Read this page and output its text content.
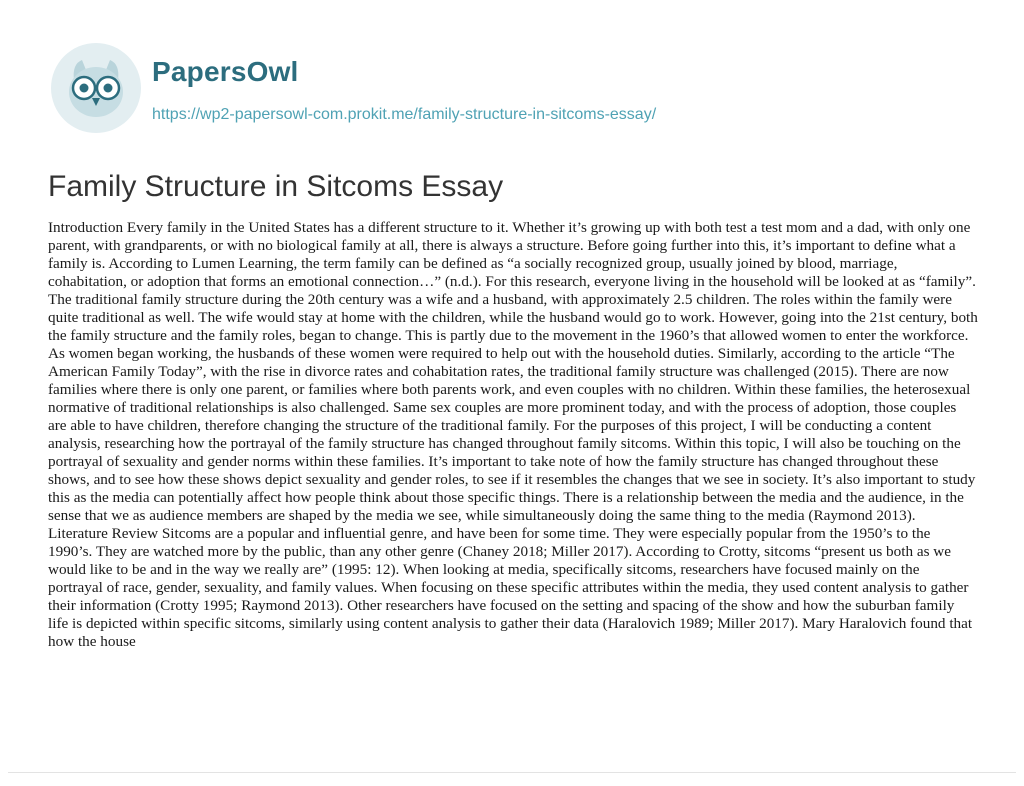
PapersOwl
https://wp2-papersowl-com.prokit.me/family-structure-in-sitcoms-essay/
Family Structure in Sitcoms Essay

Introduction Every family in the United States has a different structure to it. Whether it’s growing up with both test a test mom and a dad, with only one parent, with grandparents, or with no biological family at all, there is always a structure. Before going further into this, it’s important to define what a family is. According to Lumen Learning, the term family can be defined as “a socially recognized group, usually joined by blood, marriage, cohabitation, or adoption that forms an emotional connection…” (n.d.). For this research, everyone living in the household will be looked at as “family”. The traditional family structure during the 20th century was a wife and a husband, with approximately 2.5 children. The roles within the family were quite traditional as well. The wife would stay at home with the children, while the husband would go to work. However, going into the 21st century, both the family structure and the family roles, began to change. This is partly due to the movement in the 1960’s that allowed women to enter the workforce. As women began working, the husbands of these women were required to help out with the household duties. Similarly, according to the article “The American Family Today”, with the rise in divorce rates and cohabitation rates, the traditional family structure was challenged (2015). There are now families where there is only one parent, or families where both parents work, and even couples with no children. Within these families, the heterosexual normative of traditional relationships is also challenged. Same sex couples are more prominent today, and with the process of adoption, those couples are able to have children, therefore changing the structure of the traditional family. For the purposes of this project, I will be conducting a content analysis, researching how the portrayal of the family structure has changed throughout family sitcoms. Within this topic, I will also be touching on the portrayal of sexuality and gender norms within these families. It’s important to take note of how the family structure has changed throughout these shows, and to see how these shows depict sexuality and gender roles, to see if it resembles the changes that we see in society. It’s also important to study this as the media can potentially affect how people think about those specific things. There is a relationship between the media and the audience, in the sense that we as audience members are shaped by the media we see, while simultaneously doing the same thing to the media (Raymond 2013). Literature Review Sitcoms are a popular and influential genre, and have been for some time. They were especially popular from the 1950’s to the 1990’s. They are watched more by the public, than any other genre (Chaney 2018; Miller 2017). According to Crotty, sitcoms “present us both as we would like to be and in the way we really are” (1995: 12). When looking at media, specifically sitcoms, researchers have focused mainly on the portrayal of race, gender, sexuality, and family values. When focusing on these specific attributes within the media, they used content analysis to gather their information (Crotty 1995; Raymond 2013). Other researchers have focused on the setting and spacing of the show and how the suburban family life is depicted within specific sitcoms, similarly using content analysis to gather their data (Haralovich 1989; Miller 2017). Mary Haralovich found that how the house
